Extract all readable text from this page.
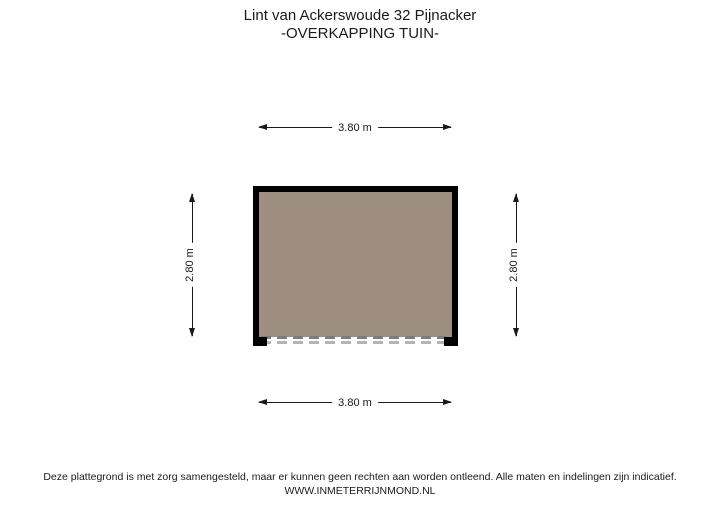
Lint van Ackerswoude 32 Pijnacker
-OVERKAPPING TUIN-
3.80 m
2.80 m	2.80 m
3.80 m
Deze plattegrond is met zorg samengesteld, maar er kunnen geen rechten aan worden ontleend. Alle maten en indelingen zijn indicatief.
WWW.INMETERRIJNMOND.NL
